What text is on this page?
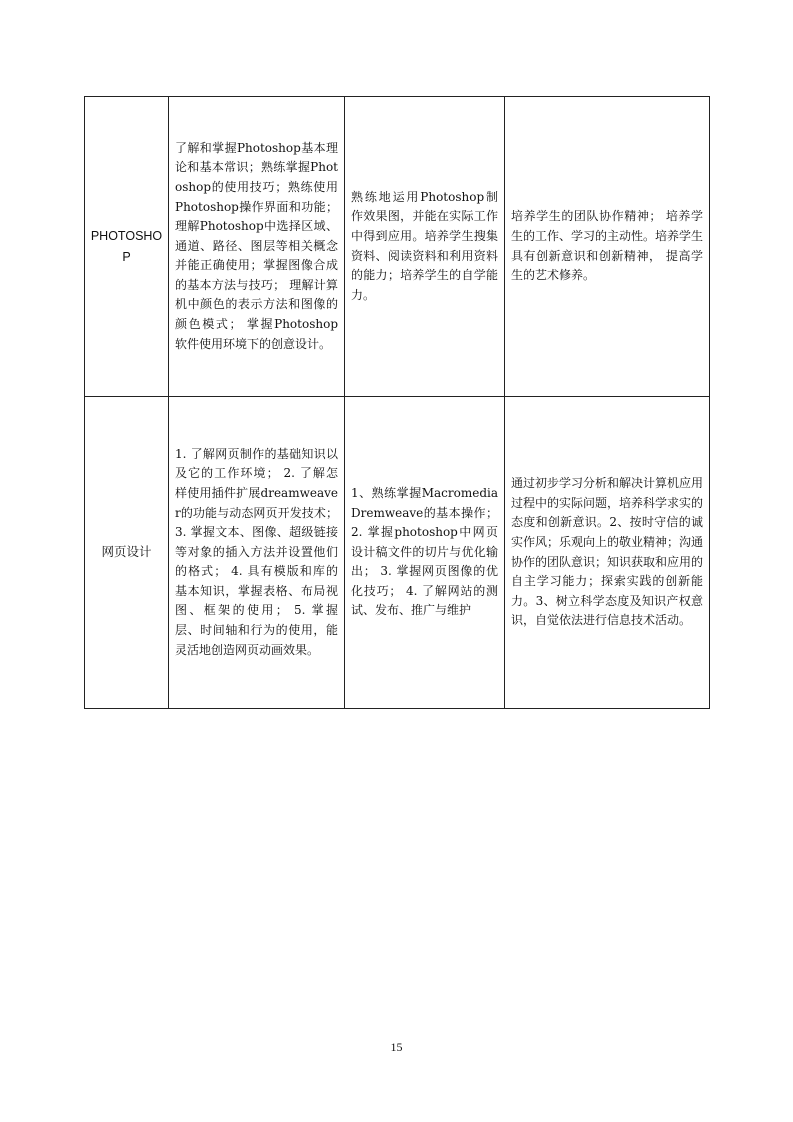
PHOTOSHOP	了解和掌握Photoshop基本理论和基本常识；熟练掌握Photoshop的使用技巧；熟练使用Photoshop操作界面和功能；理解Photoshop中选择区域、通道、路径、图层等相关概念并能正确使用；掌握图像合成的基本方法与技巧； 理解计算机中颜色的表示方法和图像的颜色模式； 掌握Photoshop软件使用环境下的创意设计。	熟练地运用Photoshop制作效果图，并能在实际工作中得到应用。培养学生搜集资料、阅读资料和利用资料的能力；培养学生的自学能力。	培养学生的团队协作精神； 培养学生的工作、学习的主动性。培养学生具有创新意识和创新精神， 提高学生的艺术修养。
网页设计	1. 了解网页制作的基础知识以及它的工作环境； 2. 了解怎样使用插件扩展dreamweaver的功能与动态网页开发技术； 3. 掌握文本、图像、超级链接等对象的插入方法并设置他们的格式； 4. 具有模版和库的基本知识，掌握表格、布局视图、框架的使用； 5. 掌握层、时间轴和行为的使用，能灵活地创造网页动画效果。	1、熟练掌握Macromedia Dremweave的基本操作； 2. 掌握photoshop中网页设计稿文件的切片与优化输出； 3. 掌握网页图像的优化技巧； 4. 了解网站的测试、发布、推广与维护	通过初步学习分析和解决计算机应用过程中的实际问题，培养科学求实的态度和创新意识。2、按时守信的诚实作风；乐观向上的敬业精神；沟通协作的团队意识；知识获取和应用的自主学习能力；探索实践的创新能力。3、树立科学态度及知识产权意识，自觉依法进行信息技术活动。
15
